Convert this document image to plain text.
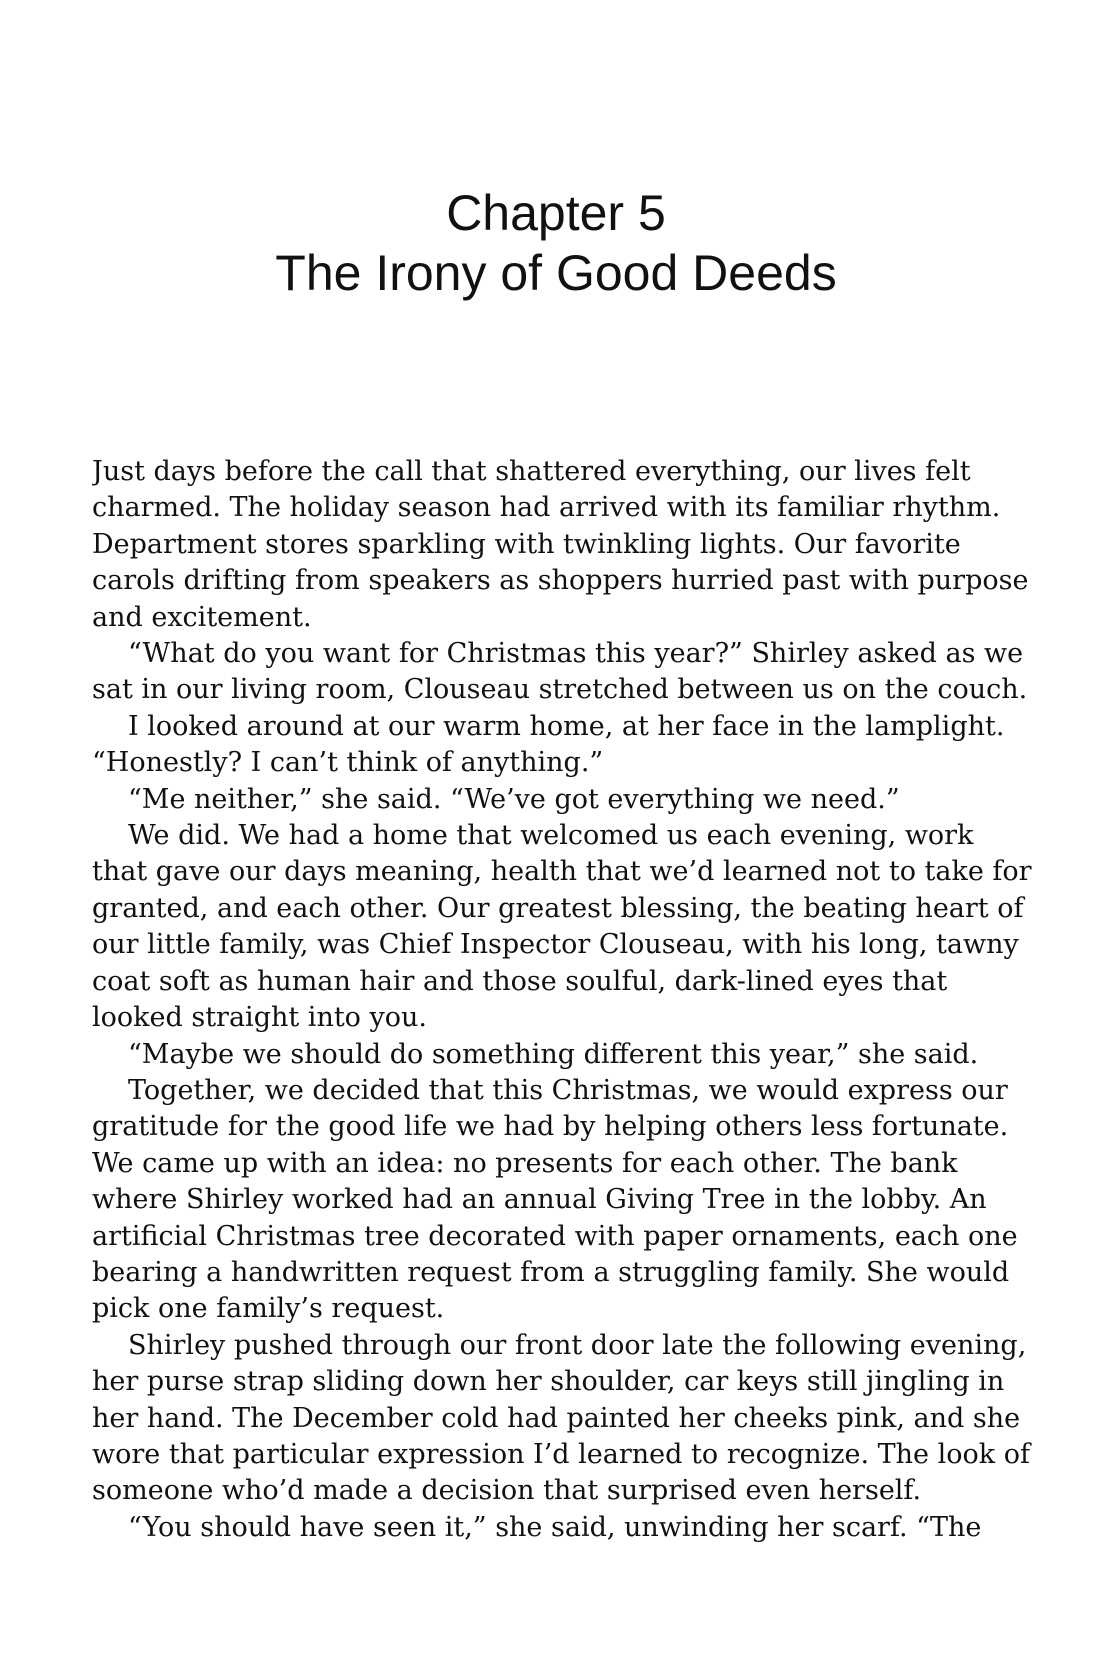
Chapter 5
The Irony of Good Deeds
Just days before the call that shattered everything, our lives felt
charmed. The holiday season had arrived with its familiar rhythm.
Department stores sparkling with twinkling lights. Our favorite
carols drifting from speakers as shoppers hurried past with purpose
and excitement.
“What do you want for Christmas this year?” Shirley asked as we
sat in our living room, Clouseau stretched between us on the couch.
I looked around at our warm home, at her face in the lamplight.
“Honestly? I can’t think of anything.”
“Me neither,” she said. “We’ve got everything we need.”
We did. We had a home that welcomed us each evening, work
that gave our days meaning, health that we’d learned not to take for
granted, and each other. Our greatest blessing, the beating heart of
our little family, was Chief Inspector Clouseau, with his long, tawny
coat soft as human hair and those soulful, dark-lined eyes that
looked straight into you.
“Maybe we should do something different this year,” she said.
Together, we decided that this Christmas, we would express our
gratitude for the good life we had by helping others less fortunate.
We came up with an idea: no presents for each other. The bank
where Shirley worked had an annual Giving Tree in the lobby. An
artificial Christmas tree decorated with paper ornaments, each one
bearing a handwritten request from a struggling family. She would
pick one family’s request.
Shirley pushed through our front door late the following evening,
her purse strap sliding down her shoulder, car keys still jingling in
her hand. The December cold had painted her cheeks pink, and she
wore that particular expression I’d learned to recognize. The look of
someone who’d made a decision that surprised even herself.
“You should have seen it,” she said, unwinding her scarf. “The
